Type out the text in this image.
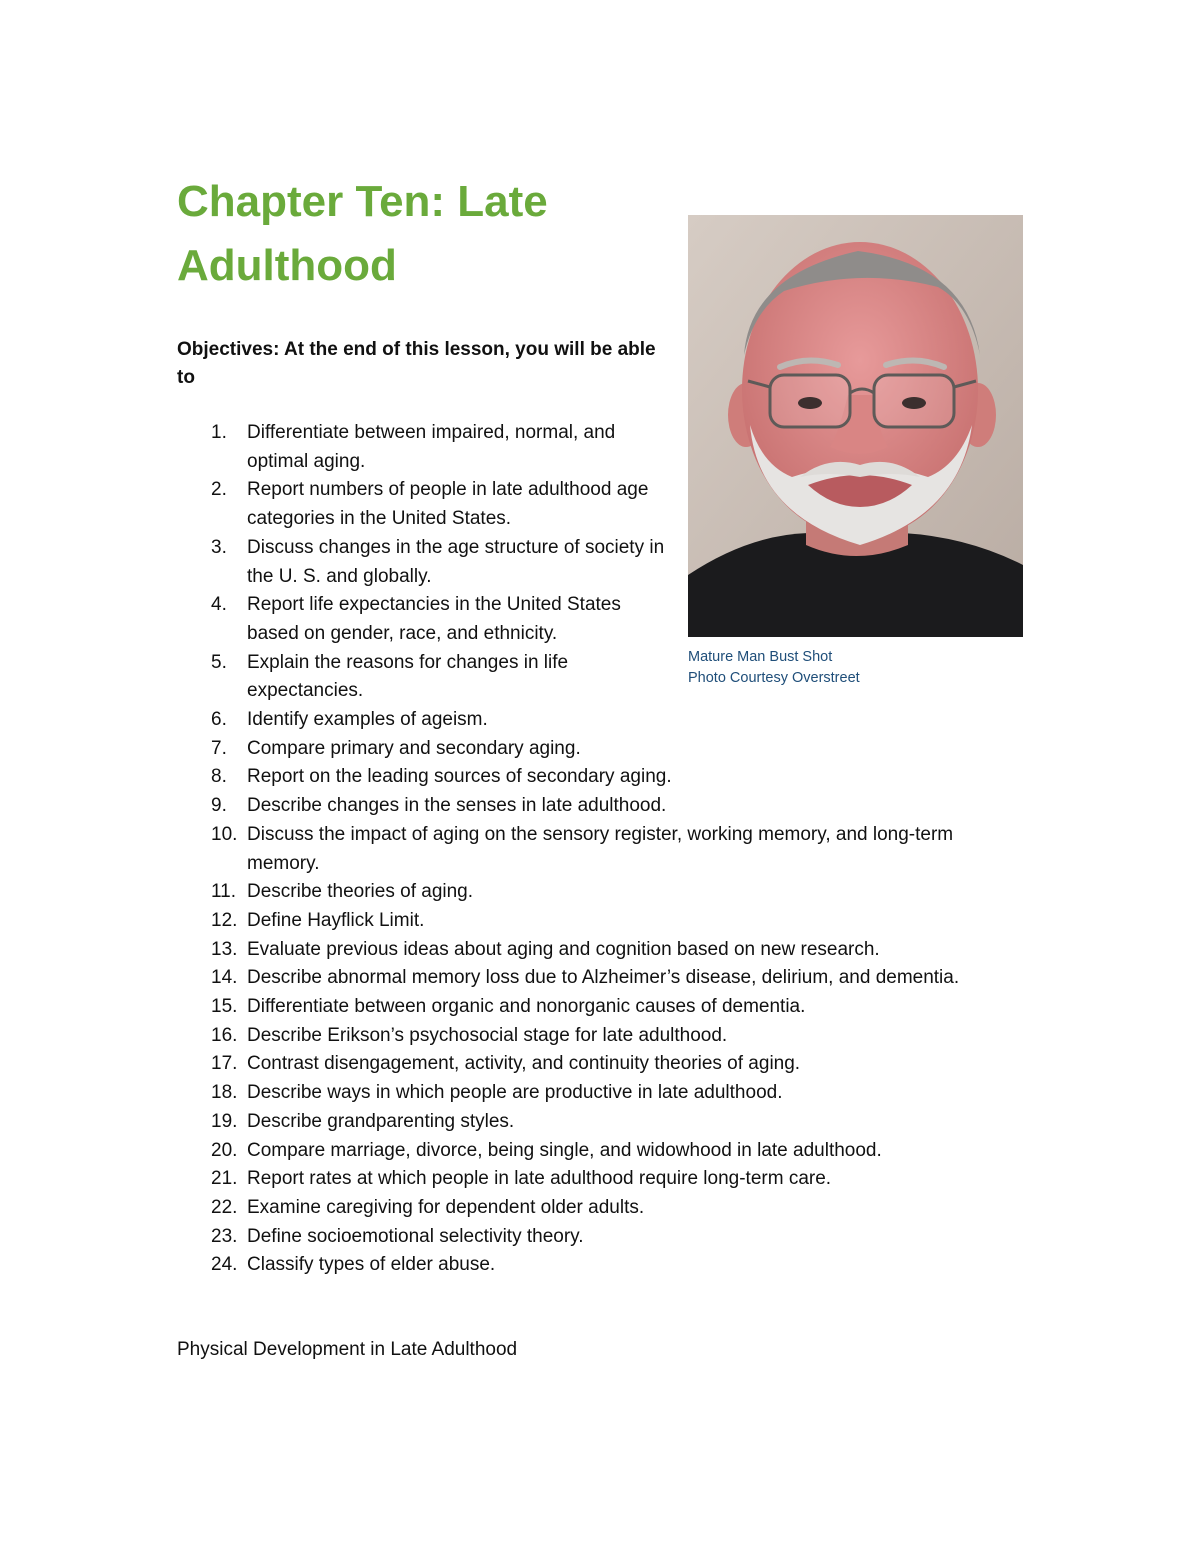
Chapter Ten: Late Adulthood

Objectives: At the end of this lesson, you will be able to

1. Differentiate between impaired, normal, and optimal aging.
2. Report numbers of people in late adulthood age categories in the United States.
3. Discuss changes in the age structure of society in the U. S. and globally.
4. Report life expectancies in the United States based on gender, race, and ethnicity.
5. Explain the reasons for changes in life expectancies.
6. Identify examples of ageism.
7. Compare primary and secondary aging.
8. Report on the leading sources of secondary aging.
9. Describe changes in the senses in late adulthood.
10. Discuss the impact of aging on the sensory register, working memory, and long-term memory.
11. Describe theories of aging.
12. Define Hayflick Limit.
13. Evaluate previous ideas about aging and cognition based on new research.
14. Describe abnormal memory loss due to Alzheimer’s disease, delirium, and dementia.
15. Differentiate between organic and nonorganic causes of dementia.
16. Describe Erikson’s psychosocial stage for late adulthood.
17. Contrast disengagement, activity, and continuity theories of aging.
18. Describe ways in which people are productive in late adulthood.
19. Describe grandparenting styles.
20. Compare marriage, divorce, being single, and widowhood in late adulthood.
21. Report rates at which people in late adulthood require long-term care.
22. Examine caregiving for dependent older adults.
23. Define socioemotional selectivity theory.
24. Classify types of elder abuse.

Mature Man Bust Shot
Photo Courtesy Overstreet

Physical Development in Late Adulthood
